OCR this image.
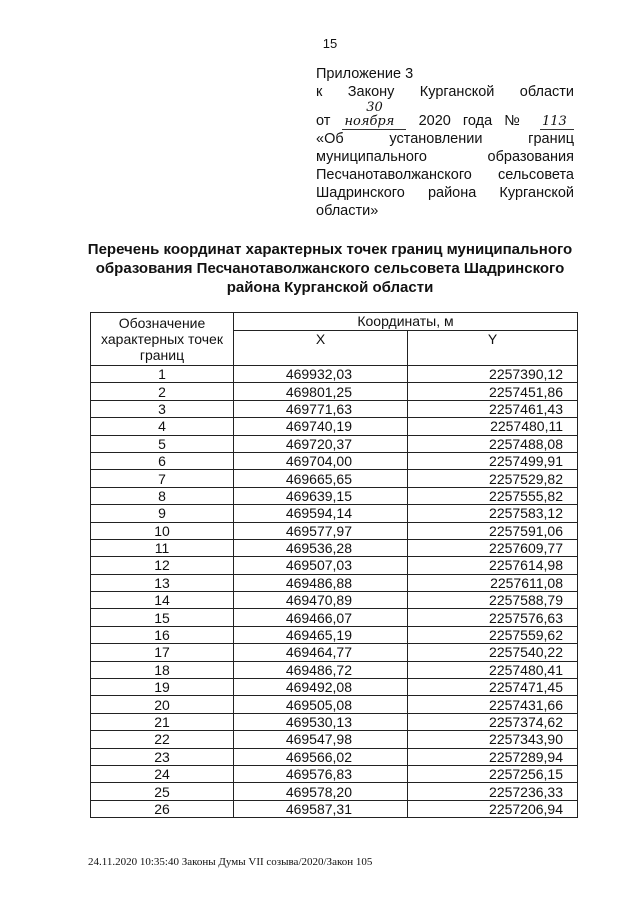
15
Приложение 3
к Закону Курганской области
от 30 ноября 2020 года № 113
«Об установлении границ
муниципального образования
Песчанотаволжанского сельсовета
Шадринского района Курганской
области»
Перечень координат характерных точек границ муниципального образования Песчанотаволжанского сельсовета Шадринского района Курганской области
Обозначение характерных точек границ	Координаты, м	
	X	Y
1	469932,03	2257390,12
2	469801,25	2257451,86
3	469771,63	2257461,43
4	469740,19	2257480,11
5	469720,37	2257488,08
6	469704,00	2257499,91
7	469665,65	2257529,82
8	469639,15	2257555,82
9	469594,14	2257583,12
10	469577,97	2257591,06
11	469536,28	2257609,77
12	469507,03	2257614,98
13	469486,88	2257611,08
14	469470,89	2257588,79
15	469466,07	2257576,63
16	469465,19	2257559,62
17	469464,77	2257540,22
18	469486,72	2257480,41
19	469492,08	2257471,45
20	469505,08	2257431,66
21	469530,13	2257374,62
22	469547,98	2257343,90
23	469566,02	2257289,94
24	469576,83	2257256,15
25	469578,20	2257236,33
26	469587,31	2257206,94
24.11.2020 10:35:40 Законы Думы VII созыва/2020/Закон 105
